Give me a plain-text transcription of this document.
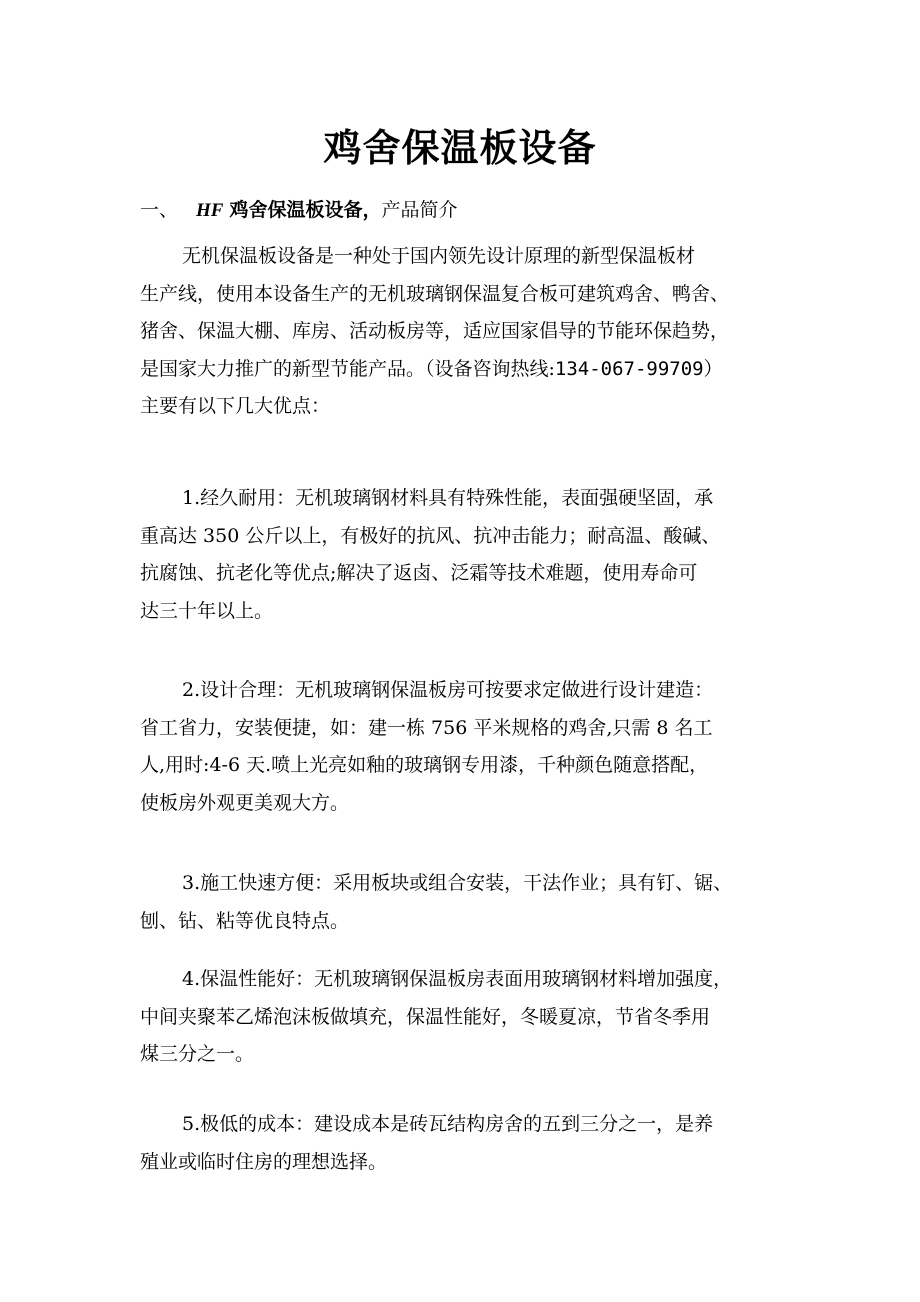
鸡舍保温板设备
一、 HF 鸡舍保温板设备，产品简介
无机保温板设备是一种处于国内领先设计原理的新型保温板材
生产线，使用本设备生产的无机玻璃钢保温复合板可建筑鸡舍、鸭舍、
猪舍、保温大棚、库房、活动板房等，适应国家倡导的节能环保趋势，
是国家大力推广的新型节能产品。（设备咨询热线:134-067-99709）
主要有以下几大优点：
1.经久耐用：无机玻璃钢材料具有特殊性能，表面强硬坚固，承
重高达 350 公斤以上，有极好的抗风、抗冲击能力；耐高温、酸碱、
抗腐蚀、抗老化等优点;解决了返卤、泛霜等技术难题，使用寿命可
达三十年以上。
2.设计合理：无机玻璃钢保温板房可按要求定做进行设计建造：
省工省力，安装便捷，如：建一栋 756 平米规格的鸡舍,只需 8 名工
人,用时:4-6 天.喷上光亮如釉的玻璃钢专用漆，千种颜色随意搭配，
使板房外观更美观大方。
3.施工快速方便：采用板块或组合安装，干法作业；具有钉、锯、
刨、钻、粘等优良特点。
4.保温性能好：无机玻璃钢保温板房表面用玻璃钢材料增加强度，
中间夹聚苯乙烯泡沫板做填充，保温性能好，冬暖夏凉，节省冬季用
煤三分之一。
5.极低的成本：建设成本是砖瓦结构房舍的五到三分之一，是养
殖业或临时住房的理想选择。
